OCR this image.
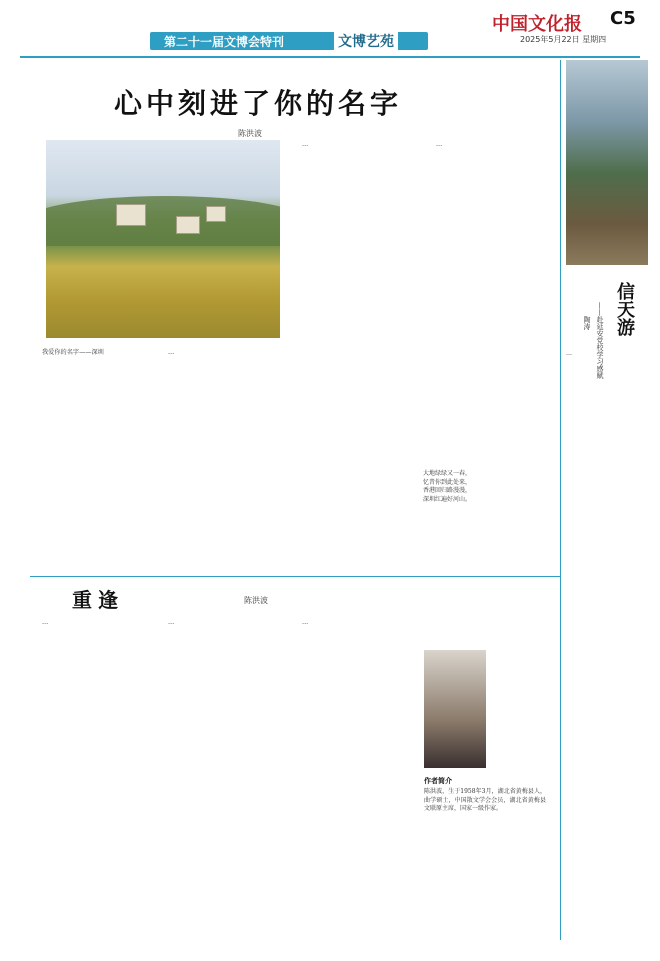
第二十一届文博会特刊	文博艺苑
中国文化报 C5
2025年5月22日 星期四
心中刻进了你的名字
陈洪波

…	…

我爱你的名字——深圳	…

大地绿绿又一春，
忆昔你到此处来，
香港回归路漫漫，
深圳红遍好河山。
重逢	陈洪波

…	…	…

作者简介
陈洪波，生于1958年3月，湖北省黄梅县人，曲学硕士，中国散文学会会员，湖北省黄梅县文联原主席，国家一级作家。
信天游
——赴延安党校学习感赋
陶涛
…
